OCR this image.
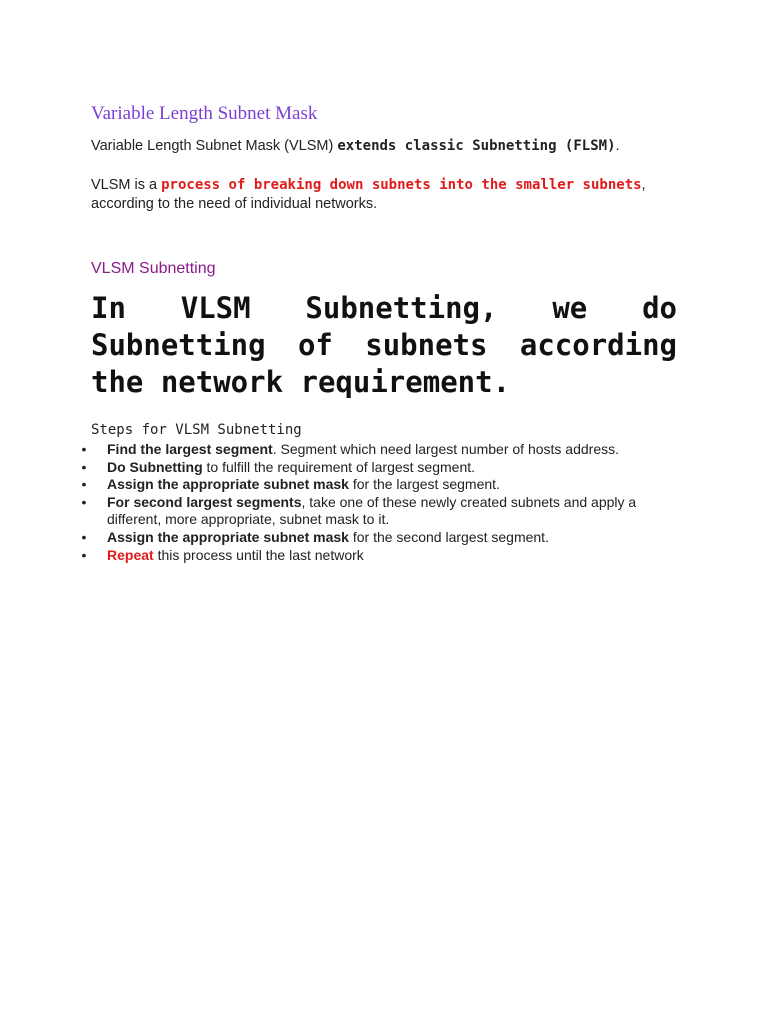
Variable Length Subnet Mask

Variable Length Subnet Mask (VLSM) extends classic Subnetting (FLSM).

VLSM is a process of breaking down subnets into the smaller subnets, according to the need of individual networks.

VLSM Subnetting

In VLSM Subnetting, we do Subnetting of subnets according the network requirement.

Steps for VLSM Subnetting
•	Find the largest segment. Segment which need largest number of hosts address.
•	Do Subnetting to fulfill the requirement of largest segment.
•	Assign the appropriate subnet mask for the largest segment.
•	For second largest segments, take one of these newly created subnets and apply a different, more appropriate, subnet mask to it.
•	Assign the appropriate subnet mask for the second largest segment.
•	Repeat this process until the last network
